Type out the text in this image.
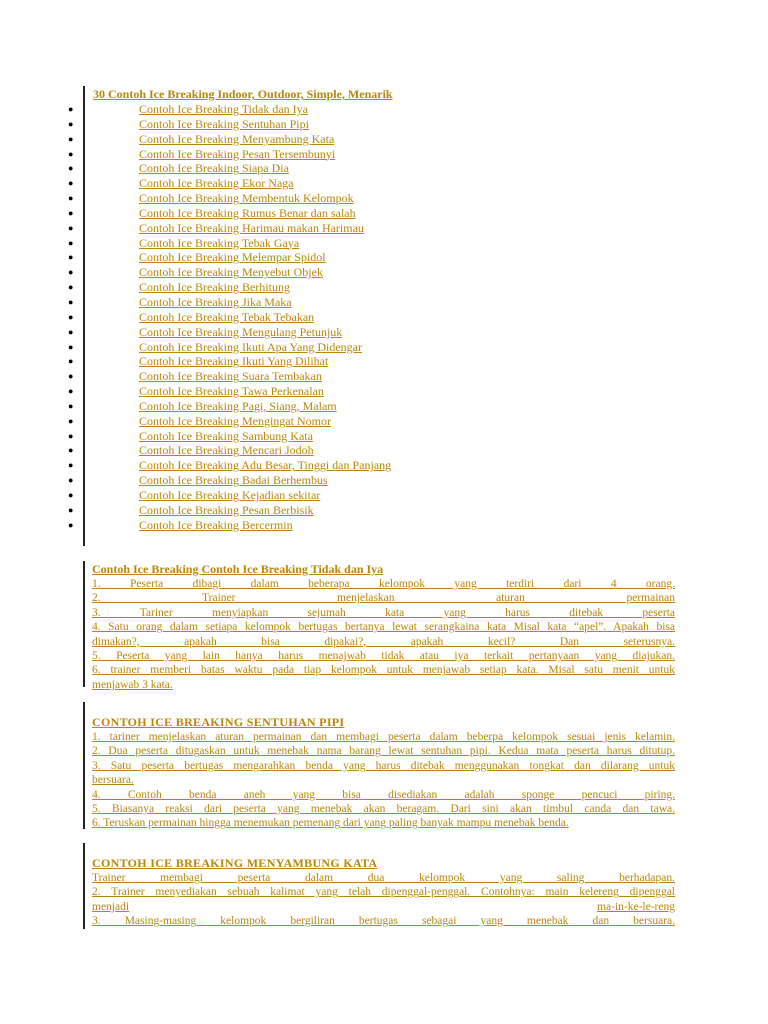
30 Contoh Ice Breaking Indoor, Outdoor, Simple, Menarik
●	Contoh Ice Breaking Tidak dan Iya
●	Contoh Ice Breaking Sentuhan Pipi
●	Contoh Ice Breaking Menyambung Kata
●	Contoh Ice Breaking Pesan Tersembunyi
●	Contoh Ice Breaking Siapa Dia
●	Contoh Ice Breaking Ekor Naga
●	Contoh Ice Breaking Membentuk Kelompok
●	Contoh Ice Breaking Rumus Benar dan salah
●	Contoh Ice Breaking Harimau makan Harimau
●	Contoh Ice Breaking Tebak Gaya
●	Contoh Ice Breaking Melempar Spidol
●	Contoh Ice Breaking Menyebut Objek
●	Contoh Ice Breaking Berhitung
●	Contoh Ice Breaking Jika Maka
●	Contoh Ice Breaking Tebak Tebakan
●	Contoh Ice Breaking Mengulang Petunjuk
●	Contoh Ice Breaking Ikuti Apa Yang Didengar
●	Contoh Ice Breaking Ikuti Yang Dilihat
●	Contoh Ice Breaking Suara Tembakan
●	Contoh Ice Breaking Tawa Perkenalan
●	Contoh Ice Breaking Pagi, Siang, Malam
●	Contoh Ice Breaking Mengingat Nomor
●	Contoh Ice Breaking Sambung Kata
●	Contoh Ice Breaking Mencari Jodoh
●	Contoh Ice Breaking Adu Besar, Tinggi dan Panjang
●	Contoh Ice Breaking Badai Berhembus
●	Contoh Ice Breaking Kejadian sekitar
●	Contoh Ice Breaking Pesan Berbisik
●	Contoh Ice Breaking Bercermin
Contoh Ice Breaking Contoh Ice Breaking Tidak dan Iya
1. Peserta dibagi dalam beberapa kelompok yang terdiri dari 4 orang.
2. Trainer menjelaskan aturan permainan
3. Tariner menyiapkan sejumah kata yang harus ditebak peserta
4. Satu orang dalam setiapa kelompok bertugas bertanya lewat serangkaina kata Misal kata “apel”. Apakah bisa
dimakan?, apakah bisa dipakai?, apakah kecil? Dan seterusnya.
5. Peserta yang lain hanya harus menajwab tidak atau iya terkait pertanyaan yang diajukan.
6. trainer memberi batas waktu pada tiap kelompok untuk menjawab setiap kata. Misal satu menit untuk
menjawab 3 kata.
CONTOH ICE BREAKING SENTUHAN PIPI
1. tariner menjelaskan aturan permainan dan membagi peserta dalam beberpa kelompok sesuai jenis kelamin.
2. Dua peserta ditugaskan untuk menebak nama barang lewat sentuhan pipi. Kedua mata peserta harus ditutup.
3. Satu peserta bertugas mengarahkan benda yang harus ditebak menggunakan tongkat dan dilarang untuk
bersuara.
4. Contoh benda aneh yang bisa disediakan adalah sponge pencuci piring.
5. Biasanya reaksi dari peserta yang menebak akan beragam. Dari sini akan timbul canda dan tawa.
6. Teruskan permainan hingga menemukan pemenang dari yang paling banyak mampu menebak benda.
CONTOH ICE BREAKING MENYAMBUNG KATA
Trainer membagi peserta dalam dua kelompok yang saling berhadapan.
2. Trainer menyediakan sebuah kalimat yang telah dipenggal-penggal. Contohnya: main kelereng dipenggal
menjadi	ma-in-ke-le-reng
3. Masing-masing kelompok bergiliran bertugas sebagai yang menebak dan bersuara.
